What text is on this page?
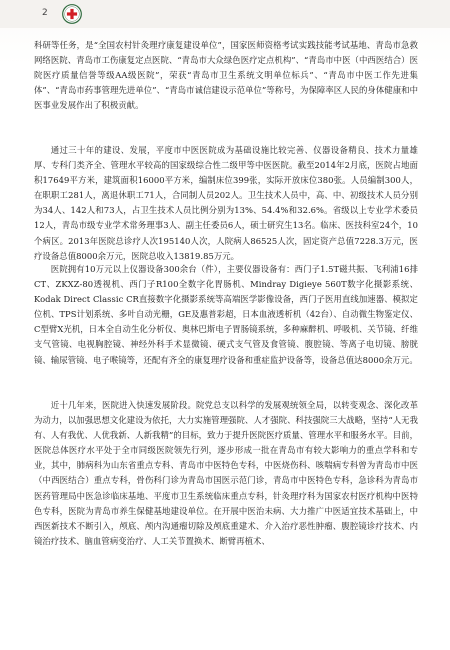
2

科研等任务，是“全国农村针灸理疗康复建设单位”，国家医师资格考试实践技能考试基地、青岛市急救网络医院、青岛市工伤康复定点医院、“青岛市大众绿色医疗定点机构”、“青岛市中医（中西医结合）医院医疗质量信誉等级AA级医院”，荣获“青岛市卫生系统文明单位标兵”、“青岛市中医工作先进集体”、“青岛市药事管理先进单位”、“青岛市诚信建设示范单位”等称号，为保障率区人民的身体健康和中医事业发展作出了积极贡献。

通过三十年的建设、发展，平度市中医医院成为基础设施比较完善、仪器设备精良、技术力量雄厚、专科门类齐全、管理水平较高的国家级综合性二级甲等中医医院。截至2014年2月底，医院占地面积17649平方米，建筑面积16000平方米，编制床位399张，实际开放床位380张。人员编制300人，在职职工281人，离退休职工71人，合同制人员202人。卫生技术人员中，高、中、初级技术人员分别为34人、142人和73人，占卫生技术人员比例分别为13%、54.4%和32.6%。省级以上专业学术委员12人，青岛市级专业学术常务理事3人、副主任委员6人，硕士研究生13名。临床、医技科室24个，10个病区。2013年医院总诊疗人次195140人次，人院病人86525人次，固定资产总值7228.3万元，医疗设备总值8000余万元，医院总收入13819.85万元。

医院拥有10万元以上仪器设备300余台（件），主要仪器设备有：西门子1.5T磁共振、飞利浦16排CT、ZKXZ-80透视机、西门子R100全数字化胃肠机、Mindray Digieye 560T数字化摄影系统、Kodak Direct Classic CR直接数字化摄影系统等高端医学影像设备，西门子医用直线加速器、模拟定位机、TPS计划系统、多叶自动光栅，GE及惠普彩超，日本血液透析机（42台）、自动微生物鉴定仪、C型臂X光机，日本全自动生化分析仪、奥林巴斯电子胃肠镜系统，多种麻醉机、呼吸机、关节镜、纤维支气管镜、电视胸腔镜、神经外科手术显微镜、硬式支气管及食管镜、腹腔镜、等离子电切镜、膀胱镜、输尿管镜、电子喉镜等，还配有齐全的康复理疗设备和重症监护设备等，设备总值达8000余万元。

近十几年来，医院进入快速发展阶段。院党总支以科学的发展观统领全局，以转变观念、深化改革为动力，以加强思想文化建设为依托，大力实施管理强院、人才强院、科技强院三大战略，坚持“人无我有、人有我优、人优我新、人新我精”的目标，致力于提升医院医疗质量、管理水平和服务水平。目前，医院总体医疗水平处于全市同级医院领先行列，逐步形成一批在青岛市有较大影响力的重点学科和专业，其中，肺病科为山东省重点专科、青岛市中医特色专科，中医烧伤科、咳喘病专科曾为青岛市中医（中西医结合）重点专科，骨伤科门诊为青岛市国医示范门诊，青岛市中医特色专科，急诊科为青岛市医药管理局中医急诊临床基地、平度市卫生系统临床重点专科，针灸理疗科为国家农村医疗机构中医特色专科，医院为青岛市养生保健基地建设单位。在开展中医治未病、大力推广中医适宜技术基础上，中西医新技术不断引入，颅底、颅内沟通瘤切除及颅底重建术、介入治疗恶性肿瘤、腹腔镜诊疗技术、内镜治疗技术、脑血管病变治疗、人工关节置换术、断臂再植术、
